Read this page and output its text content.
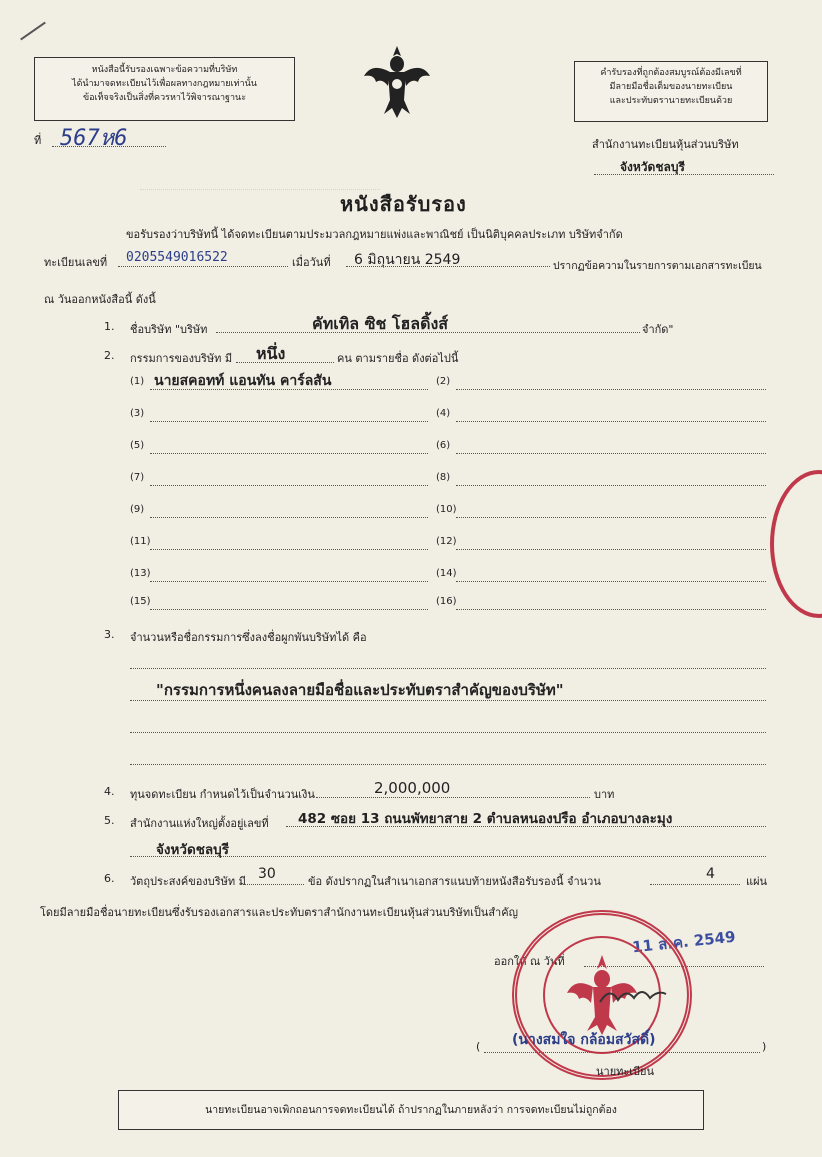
หนังสือนี้รับรองเฉพาะข้อความที่บริษัท

ได้นำมาจดทะเบียนไว้เพื่อผลทางกฎหมายเท่านั้น

ข้อเท็จจริงเป็นสิ่งที่ควรหาไว้พิจารณาฐานะ

คำรับรองที่ถูกต้องสมบูรณ์ต้องมีเลขที่

มีลายมือชื่อเต็มของนายทะเบียน

และประทับตรานายทะเบียนด้วย

ที่ 567ห6	สำนักงานทะเบียนหุ้นส่วนบริษัท
จังหวัดชลบุรี
หนังสือรับรอง
ขอรับรองว่าบริษัทนี้ ได้จดทะเบียนตามประมวลกฎหมายแพ่งและพาณิชย์ เป็นนิติบุคคลประเภท บริษัทจำกัด
ทะเบียนเลขที่ 0205549016522	เมื่อวันที่ 6 มิถุนายน 2549	ปรากฏข้อความในรายการตามเอกสารทะเบียน
ณ วันออกหนังสือนี้ ดังนี้
1. ชื่อบริษัท "บริษัท	คัทเทิล ซิช โฮลดิ้งส์	จำกัด"
2. กรรมการของบริษัท มี หนึ่ง	คน ตามรายชื่อ ดังต่อไปนี้
(1) นายสคอทท์ แอนทัน คาร์ลสัน	(2)
(3)	(4)
(5)	(6)
(7)	(8)
(9)	(10)
(11)	(12)
(13)	(14)
(15)	(16)
3. จำนวนหรือชื่อกรรมการซึ่งลงชื่อผูกพันบริษัทได้ คือ
"กรรมการหนึ่งคนลงลายมือชื่อและประทับตราสำคัญของบริษัท"
4. ทุนจดทะเบียน กำหนดไว้เป็นจำนวนเงิน	2,000,000	บาท
5. สำนักงานแห่งใหญ่ตั้งอยู่เลขที่ 482 ซอย 13 ถนนพัทยาสาย 2 ตำบลหนองปรือ อำเภอบางละมุง
จังหวัดชลบุรี
6. วัตถุประสงค์ของบริษัท มี 30	ข้อ ดังปรากฏในสำเนาเอกสารแนบท้ายหนังสือรับรองนี้ จำนวน	4	แผ่น
โดยมีลายมือชื่อนายทะเบียนซึ่งรับรองเอกสารและประทับตราสำนักงานทะเบียนหุ้นส่วนบริษัทเป็นสำคัญ
ออกให้ ณ วันที่
11 ส.ค. 2549
( (นางสมใจ กล้อมสวัสดิ์)	)
นายทะเบียน

นายทะเบียนอาจเพิกถอนการจดทะเบียนได้ ถ้าปรากฏในภายหลังว่า การจดทะเบียนไม่ถูกต้อง
